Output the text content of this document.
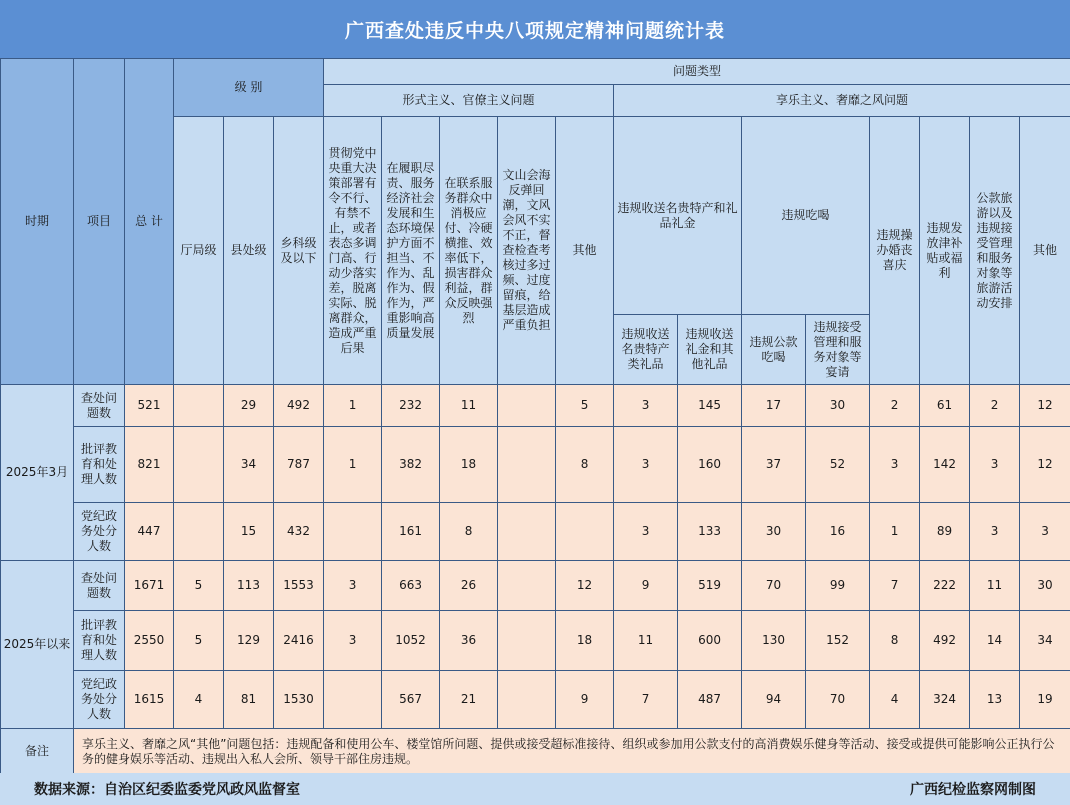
广西查处违反中央八项规定精神问题统计表
时期	项目	总 计	级 别			问题类型												
						形式主义、官僚主义问题					享乐主义、奢靡之风问题							
			厅局级	县处级	乡科级及以下	贯彻党中央重大决策部署有令不行、有禁不止，或者表态多调门高、行动少落实差，脱离实际、脱离群众，造成严重后果	在履职尽责、服务经济社会发展和生态环境保护方面不担当、不作为、乱作为、假作为，严重影响高质量发展	在联系服务群众中消极应付、冷硬横推、效率低下，损害群众利益，群众反映强烈	文山会海反弹回潮，文风会风不实不正，督查检查考核过多过频、过度留痕，给基层造成严重负担	其他	违规收送名贵特产和礼品礼金		违规吃喝		违规操办婚丧喜庆	违规发放津补贴或福利	公款旅游以及违规接受管理和服务对象等旅游活动安排	其他
											违规收送名贵特产类礼品	违规收送礼金和其他礼品	违规公款吃喝	违规接受管理和服务对象等宴请				
2025年3月	查处问题数	521		29	492	1	232	11		5	3	145	17	30	2	61	2	12
	批评教育和处理人数	821		34	787	1	382	18		8	3	160	37	52	3	142	3	12
	党纪政务处分人数	447		15	432		161	8			3	133	30	16	1	89	3	3
2025年以来	查处问题数	1671	5	113	1553	3	663	26		12	9	519	70	99	7	222	11	30
	批评教育和处理人数	2550	5	129	2416	3	1052	36		18	11	600	130	152	8	492	14	34
	党纪政务处分人数	1615	4	81	1530		567	21		9	7	487	94	70	4	324	13	19
备注	享乐主义、奢靡之风“其他”问题包括：违规配备和使用公车、楼堂馆所问题、提供或接受超标准接待、组织或参加用公款支付的高消费娱乐健身等活动、接受或提供可能影响公正执行公务的健身娱乐等活动、违规出入私人会所、领导干部住房违规。																	
数据来源：自治区纪委监委党风政风监督室	广西纪检监察网制图
